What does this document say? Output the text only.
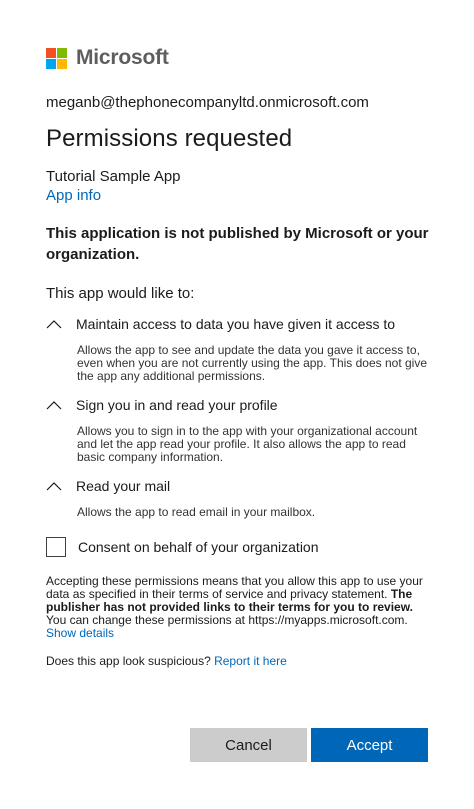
Microsoft
meganb@thephonecompanyltd.onmicrosoft.com
Permissions requested
Tutorial Sample App
App info
This application is not published by Microsoft or your organization.
This app would like to:
Maintain access to data you have given it access to
Allows the app to see and update the data you gave it access to, even when you are not currently using the app. This does not give the app any additional permissions.
Sign you in and read your profile
Allows you to sign in to the app with your organizational account and let the app read your profile. It also allows the app to read basic company information.
Read your mail
Allows the app to read email in your mailbox.
Consent on behalf of your organization
Accepting these permissions means that you allow this app to use your data as specified in their terms of service and privacy statement. The publisher has not provided links to their terms for you to review. You can change these permissions at https://myapps.microsoft.com. Show details
Does this app look suspicious? Report it here
Cancel	Accept
